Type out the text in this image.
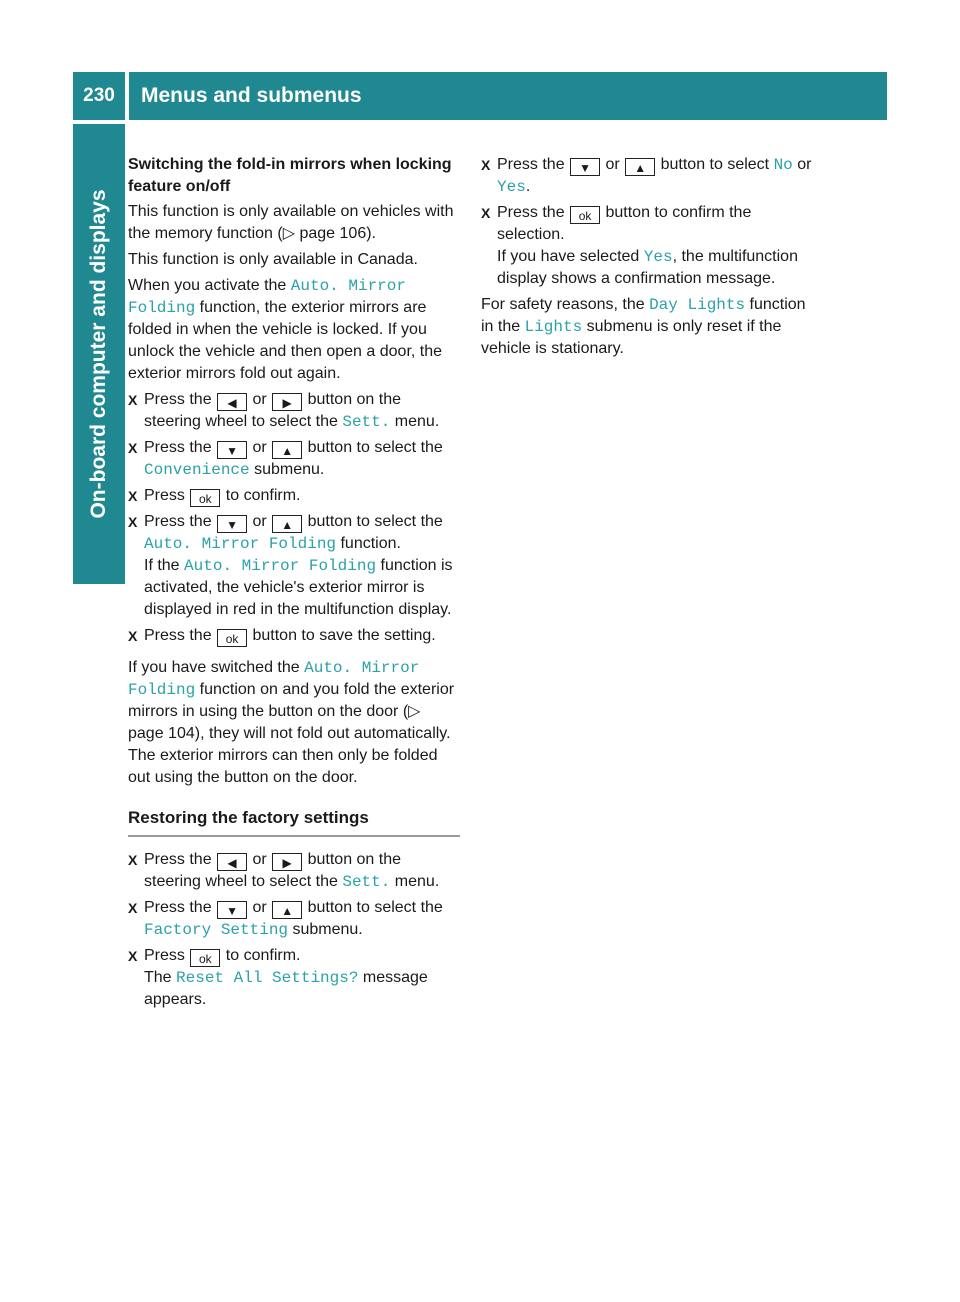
230	Menus and submenus
On-board computer and displays

Switching the fold-in mirrors when locking feature on/off

This function is only available on vehicles with the memory function (▷ page 106).

This function is only available in Canada.

When you activate the Auto. Mirror Folding function, the exterior mirrors are folded in when the vehicle is locked. If you unlock the vehicle and then open a door, the exterior mirrors fold out again.

X Press the ◀ or ▶ button on the steering wheel to select the Sett. menu.
X Press the ▼ or ▲ button to select the Convenience submenu.
X Press ok to confirm.
X Press the ▼ or ▲ button to select the Auto. Mirror Folding function.
If the Auto. Mirror Folding function is activated, the vehicle's exterior mirror is displayed in red in the multifunction display.
X Press the ok button to save the setting.

If you have switched the Auto. Mirror Folding function on and you fold the exterior mirrors in using the button on the door (▷ page 104), they will not fold out automatically. The exterior mirrors can then only be folded out using the button on the door.

Restoring the factory settings
X Press the ◀ or ▶ button on the steering wheel to select the Sett. menu.
X Press the ▼ or ▲ button to select the Factory Setting submenu.
X Press ok to confirm.
The Reset All Settings? message appears.
X Press the ▼ or ▲ button to select No or Yes.
X Press the ok button to confirm the selection.
If you have selected Yes, the multifunction display shows a confirmation message.

For safety reasons, the Day Lights function in the Lights submenu is only reset if the vehicle is stationary.
